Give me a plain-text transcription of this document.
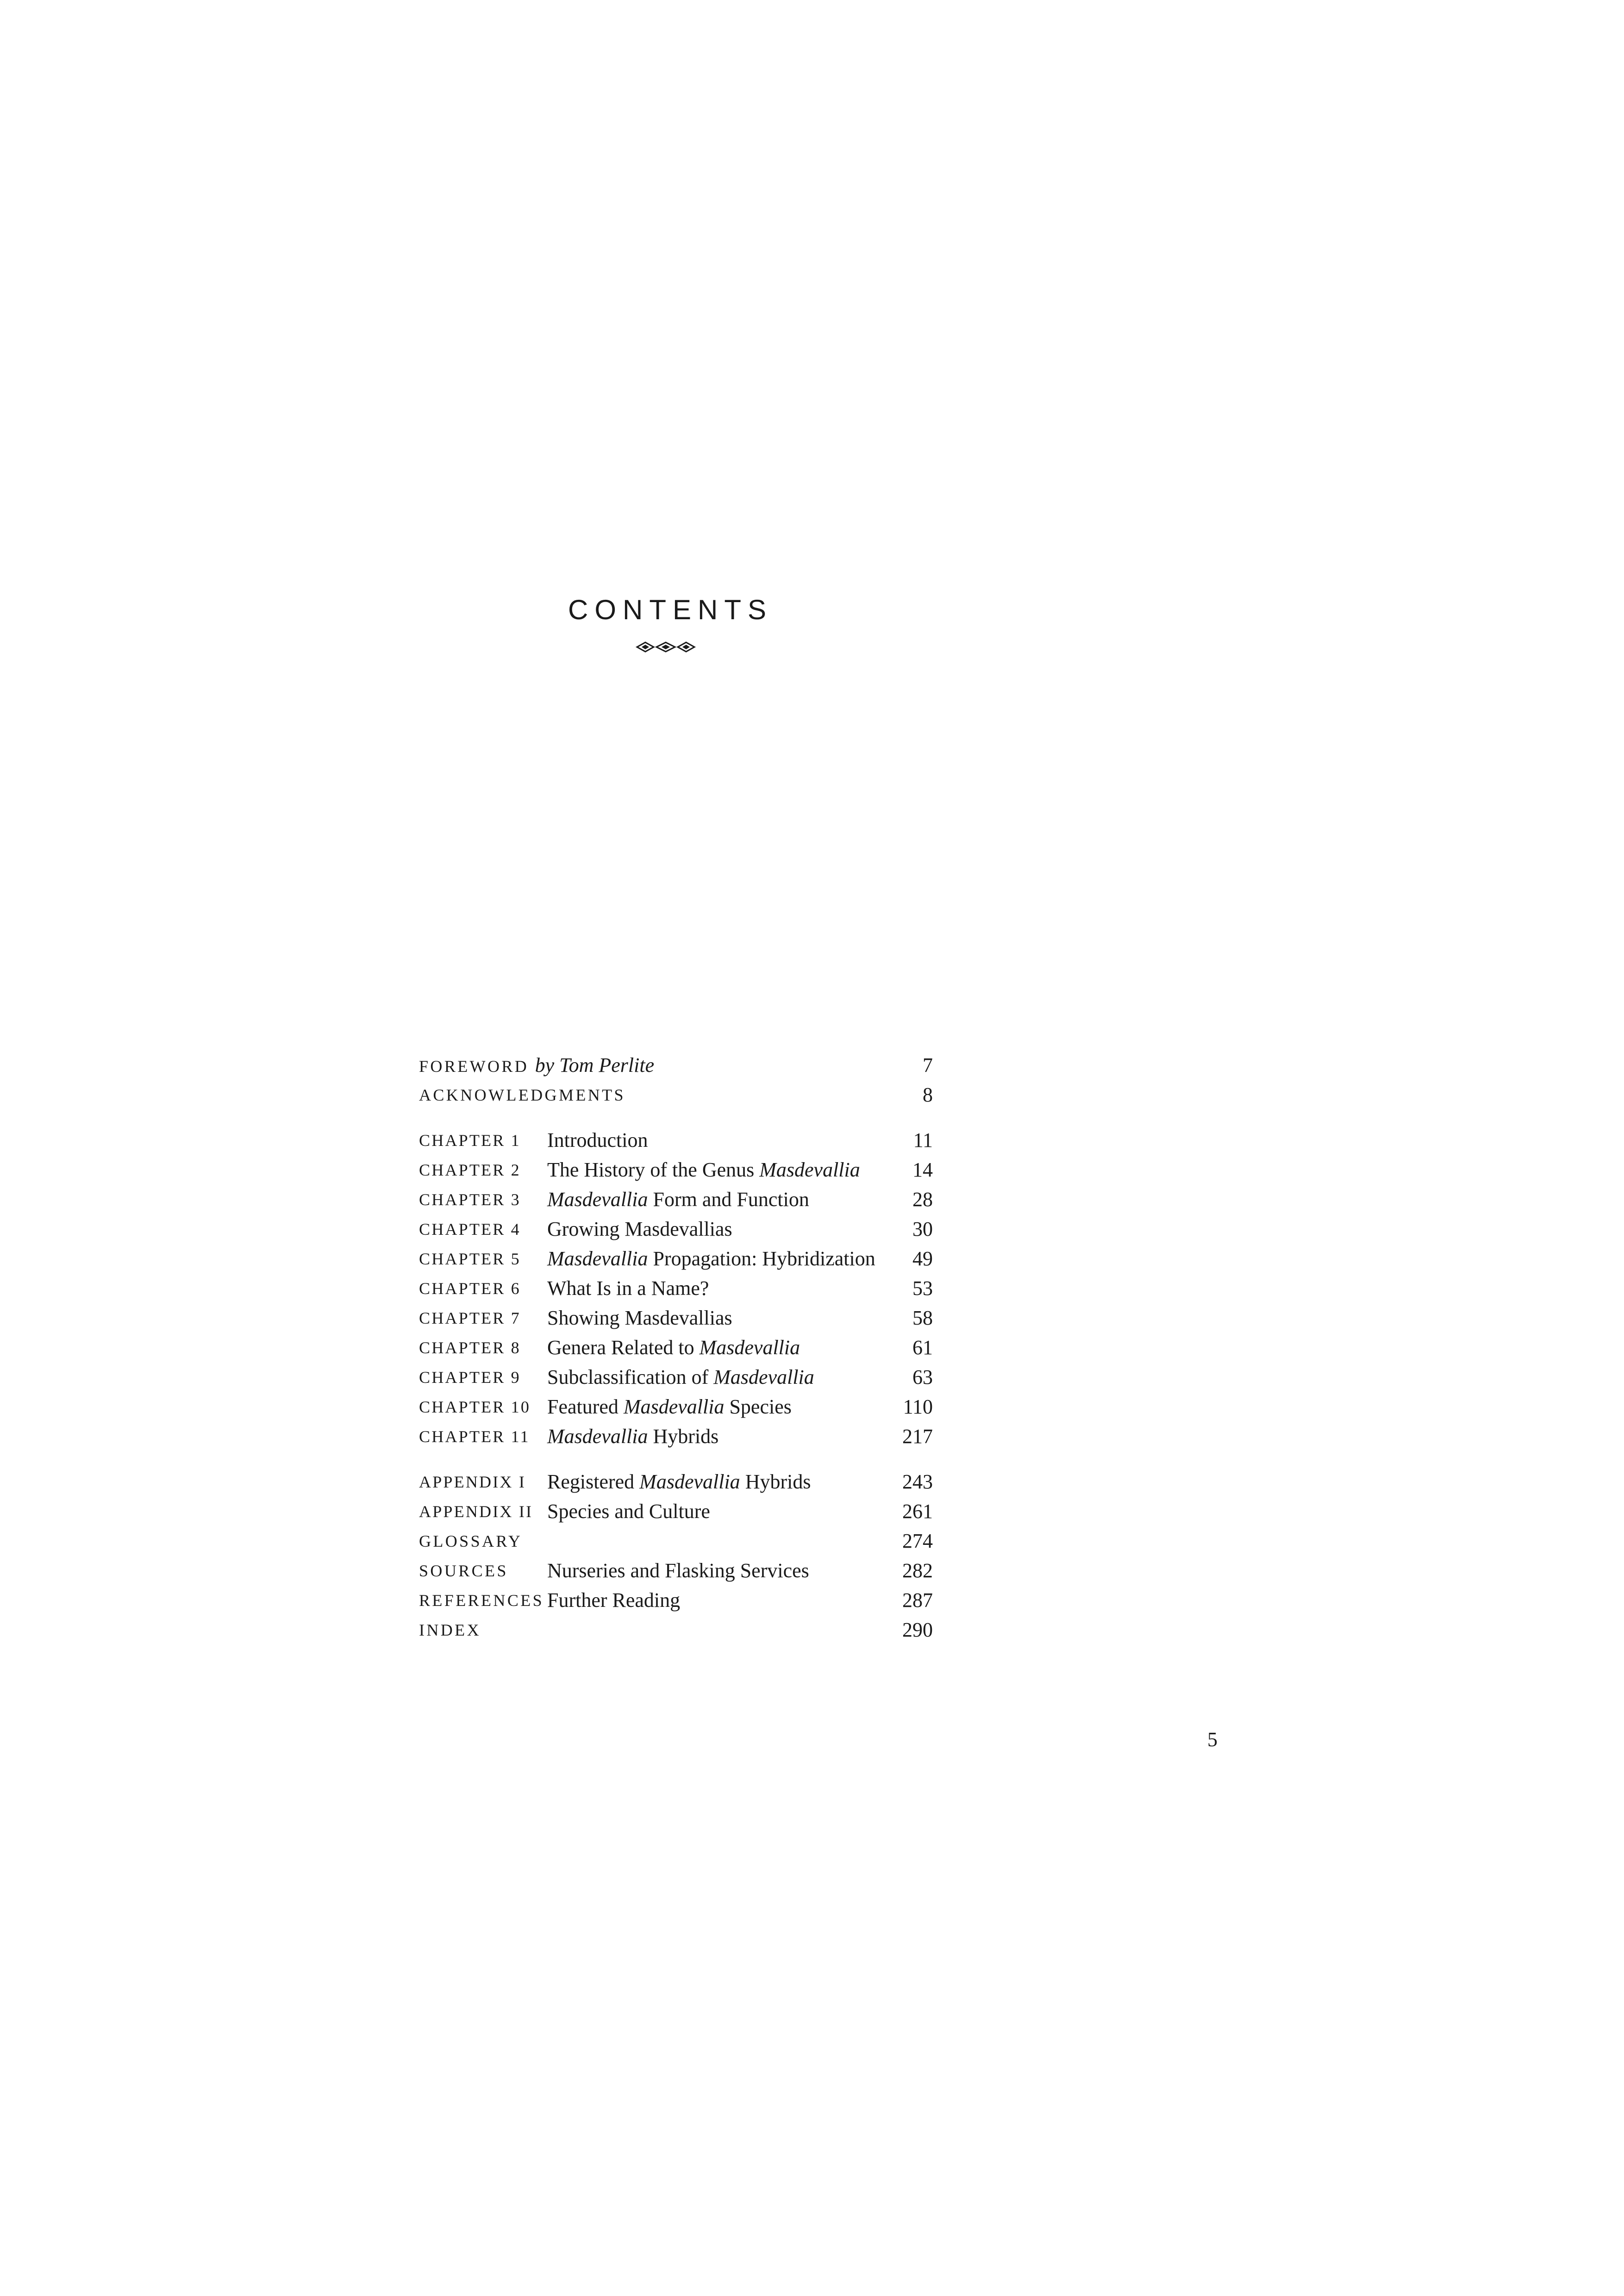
CONTENTS
FOREWORD by Tom Perlite	7
ACKNOWLEDGMENTS	8
CHAPTER 1 Introduction	11
CHAPTER 2 The History of the Genus Masdevallia	14
CHAPTER 3 Masdevallia Form and Function	28
CHAPTER 4 Growing Masdevallias	30
CHAPTER 5 Masdevallia Propagation: Hybridization 49
CHAPTER 6 What Is in a Name?	53
CHAPTER 7 Showing Masdevallias	58
CHAPTER 8 Genera Related to Masdevallia	61
CHAPTER 9 Subclassification of Masdevallia	63
CHAPTER 10 Featured Masdevallia Species	110
CHAPTER 11 Masdevallia Hybrids	217
APPENDIX I Registered Masdevallia Hybrids	243
APPENDIX II Species and Culture	261
GLOSSARY	274
SOURCES Nurseries and Flasking Services	282
REFERENCES Further Reading	287
INDEX	290
5
